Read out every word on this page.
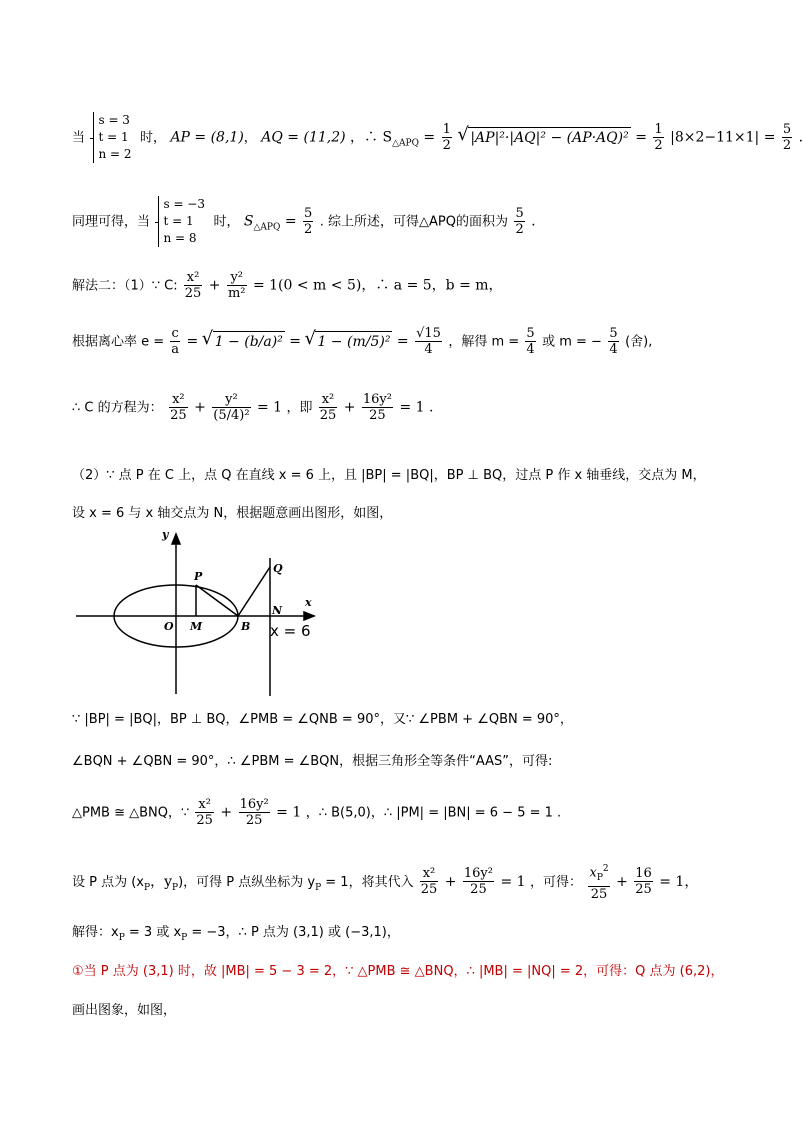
当 s = 3
t = 1
n = 2 时， AP = (8,1)， AQ = (11,2) ，∴ $S_{\triangle APQ} = \frac{1}{2}$
√ $|AP|^2\cdot|AQ|^2 - (AP\cdot AQ)^2 = \frac{1}{2} |8\times 2-11\times 1| = \frac{5}{2}$ .
同理可得，当 s = −3
t = 1
n = 8 时， $S_{\triangle APQ} = \frac{5}{2}$ . 综上所述，可得△APQ的面积为 $\frac{5}{2}$ .
解法二：（1）∵ C: $\frac{\text{x²}}{25} + \frac{\text{y²}}{\text{m²}} = 1(0 < m < 5)$，∴ a = 5，b = m，
根据离心率 $e = \frac{c}{a}$ = √ 1 − (b/a)² = √ $1 - (m/5)^2 = \frac{√15}{4}$ ，解得 $m = \frac{5}{4}$ 或 m = − $\frac{5}{4}$ (舍),
∴ C 的方程为： $\frac{\text{x²}}{25} + \frac{\text{y²}}{\text{(5/4)²}} = 1$ ，即 $\frac{\text{x²}}{25} + \frac{\text{16y²}}{25} = 1$ .
（2）∵ 点 P 在 C 上，点 Q 在直线 x = 6 上，且 |BP| = |BQ|，BP ⊥ BQ，过点 P 作 x 轴垂线，交点为 M，
设 x = 6 与 x 轴交点为 N，根据题意画出图形，如图，
y
x
P
Q
O M	B
N
x = 6
∵ |BP| = |BQ|，BP ⊥ BQ，∠PMB = ∠QNB = 90°，又∵ ∠PBM + ∠QBN = 90°，
∠BQN + ∠QBN = 90°，∴ ∠PBM = ∠BQN，根据三角形全等条件“AAS”，可得:
△PMB ≅ △BNQ，∵ $\frac{\text{x²}}{25} + \frac{\text{16y²}}{25} = 1$ ，∴ B(5,0)，∴ |PM| = |BN| = 6 − 5 = 1 .
设 P 点为 ($x_P$，$y_P$)，可得 P 点纵坐标为 $y_P = 1$，将其代入 $\frac{\text{x²}}{25} + \frac{\text{16y²}}{25} = 1$ ，可得： $\frac{x_P^2}{25} + \frac{16}{25} = 1$，
解得：$x_P = 3$ 或 $x_P = -3$，∴ P 点为 (3,1) 或 (−3,1)，
①当 P 点为 (3,1) 时，故 |MB| = 5 − 3 = 2，∵ △PMB ≅ △BNQ，∴ |MB| = |NQ| = 2，可得：Q 点为 (6,2)，
画出图象，如图，
